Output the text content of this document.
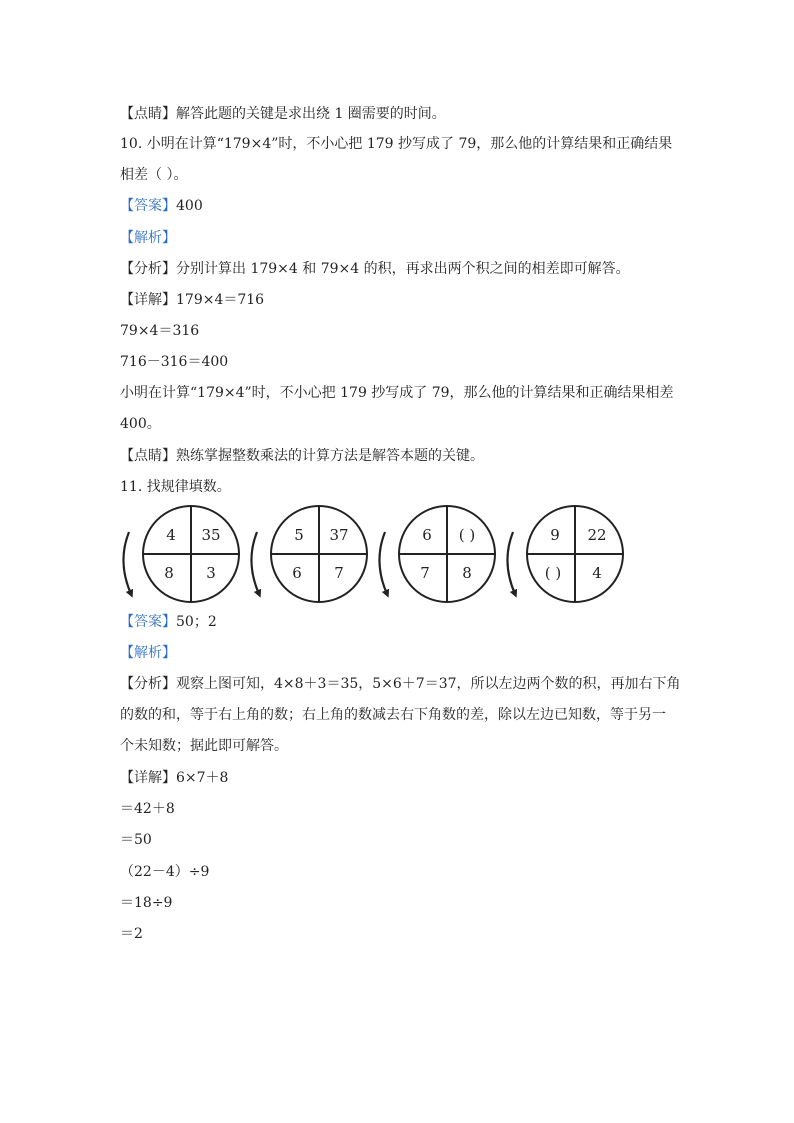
【点睛】解答此题的关键是求出绕 1 圈需要的时间。
10. 小明在计算“179×4”时，不小心把 179 抄写成了 79，那么他的计算结果和正确结果
相差（ ）。
【答案】400
【解析】
【分析】分别计算出 179×4 和 79×4 的积，再求出两个积之间的相差即可解答。
【详解】179×4＝716
79×4＝316
716－316＝400
小明在计算“179×4”时，不小心把 179 抄写成了 79，那么他的计算结果和正确结果相差
400。
【点睛】熟练掌握整数乘法的计算方法是解答本题的关键。
11. 找规律填数。
4 35
8 3
5 37
6 7
6 ( )
7 8
9 22
( ) 4
【答案】50；2
【解析】
【分析】观察上图可知，4×8＋3＝35，5×6＋7＝37，所以左边两个数的积，再加右下角
的数的和，等于右上角的数；右上角的数减去右下角数的差，除以左边已知数，等于另一
个未知数；据此即可解答。
【详解】6×7＋8
＝42＋8
＝50
（22－4）÷9
＝18÷9
＝2
